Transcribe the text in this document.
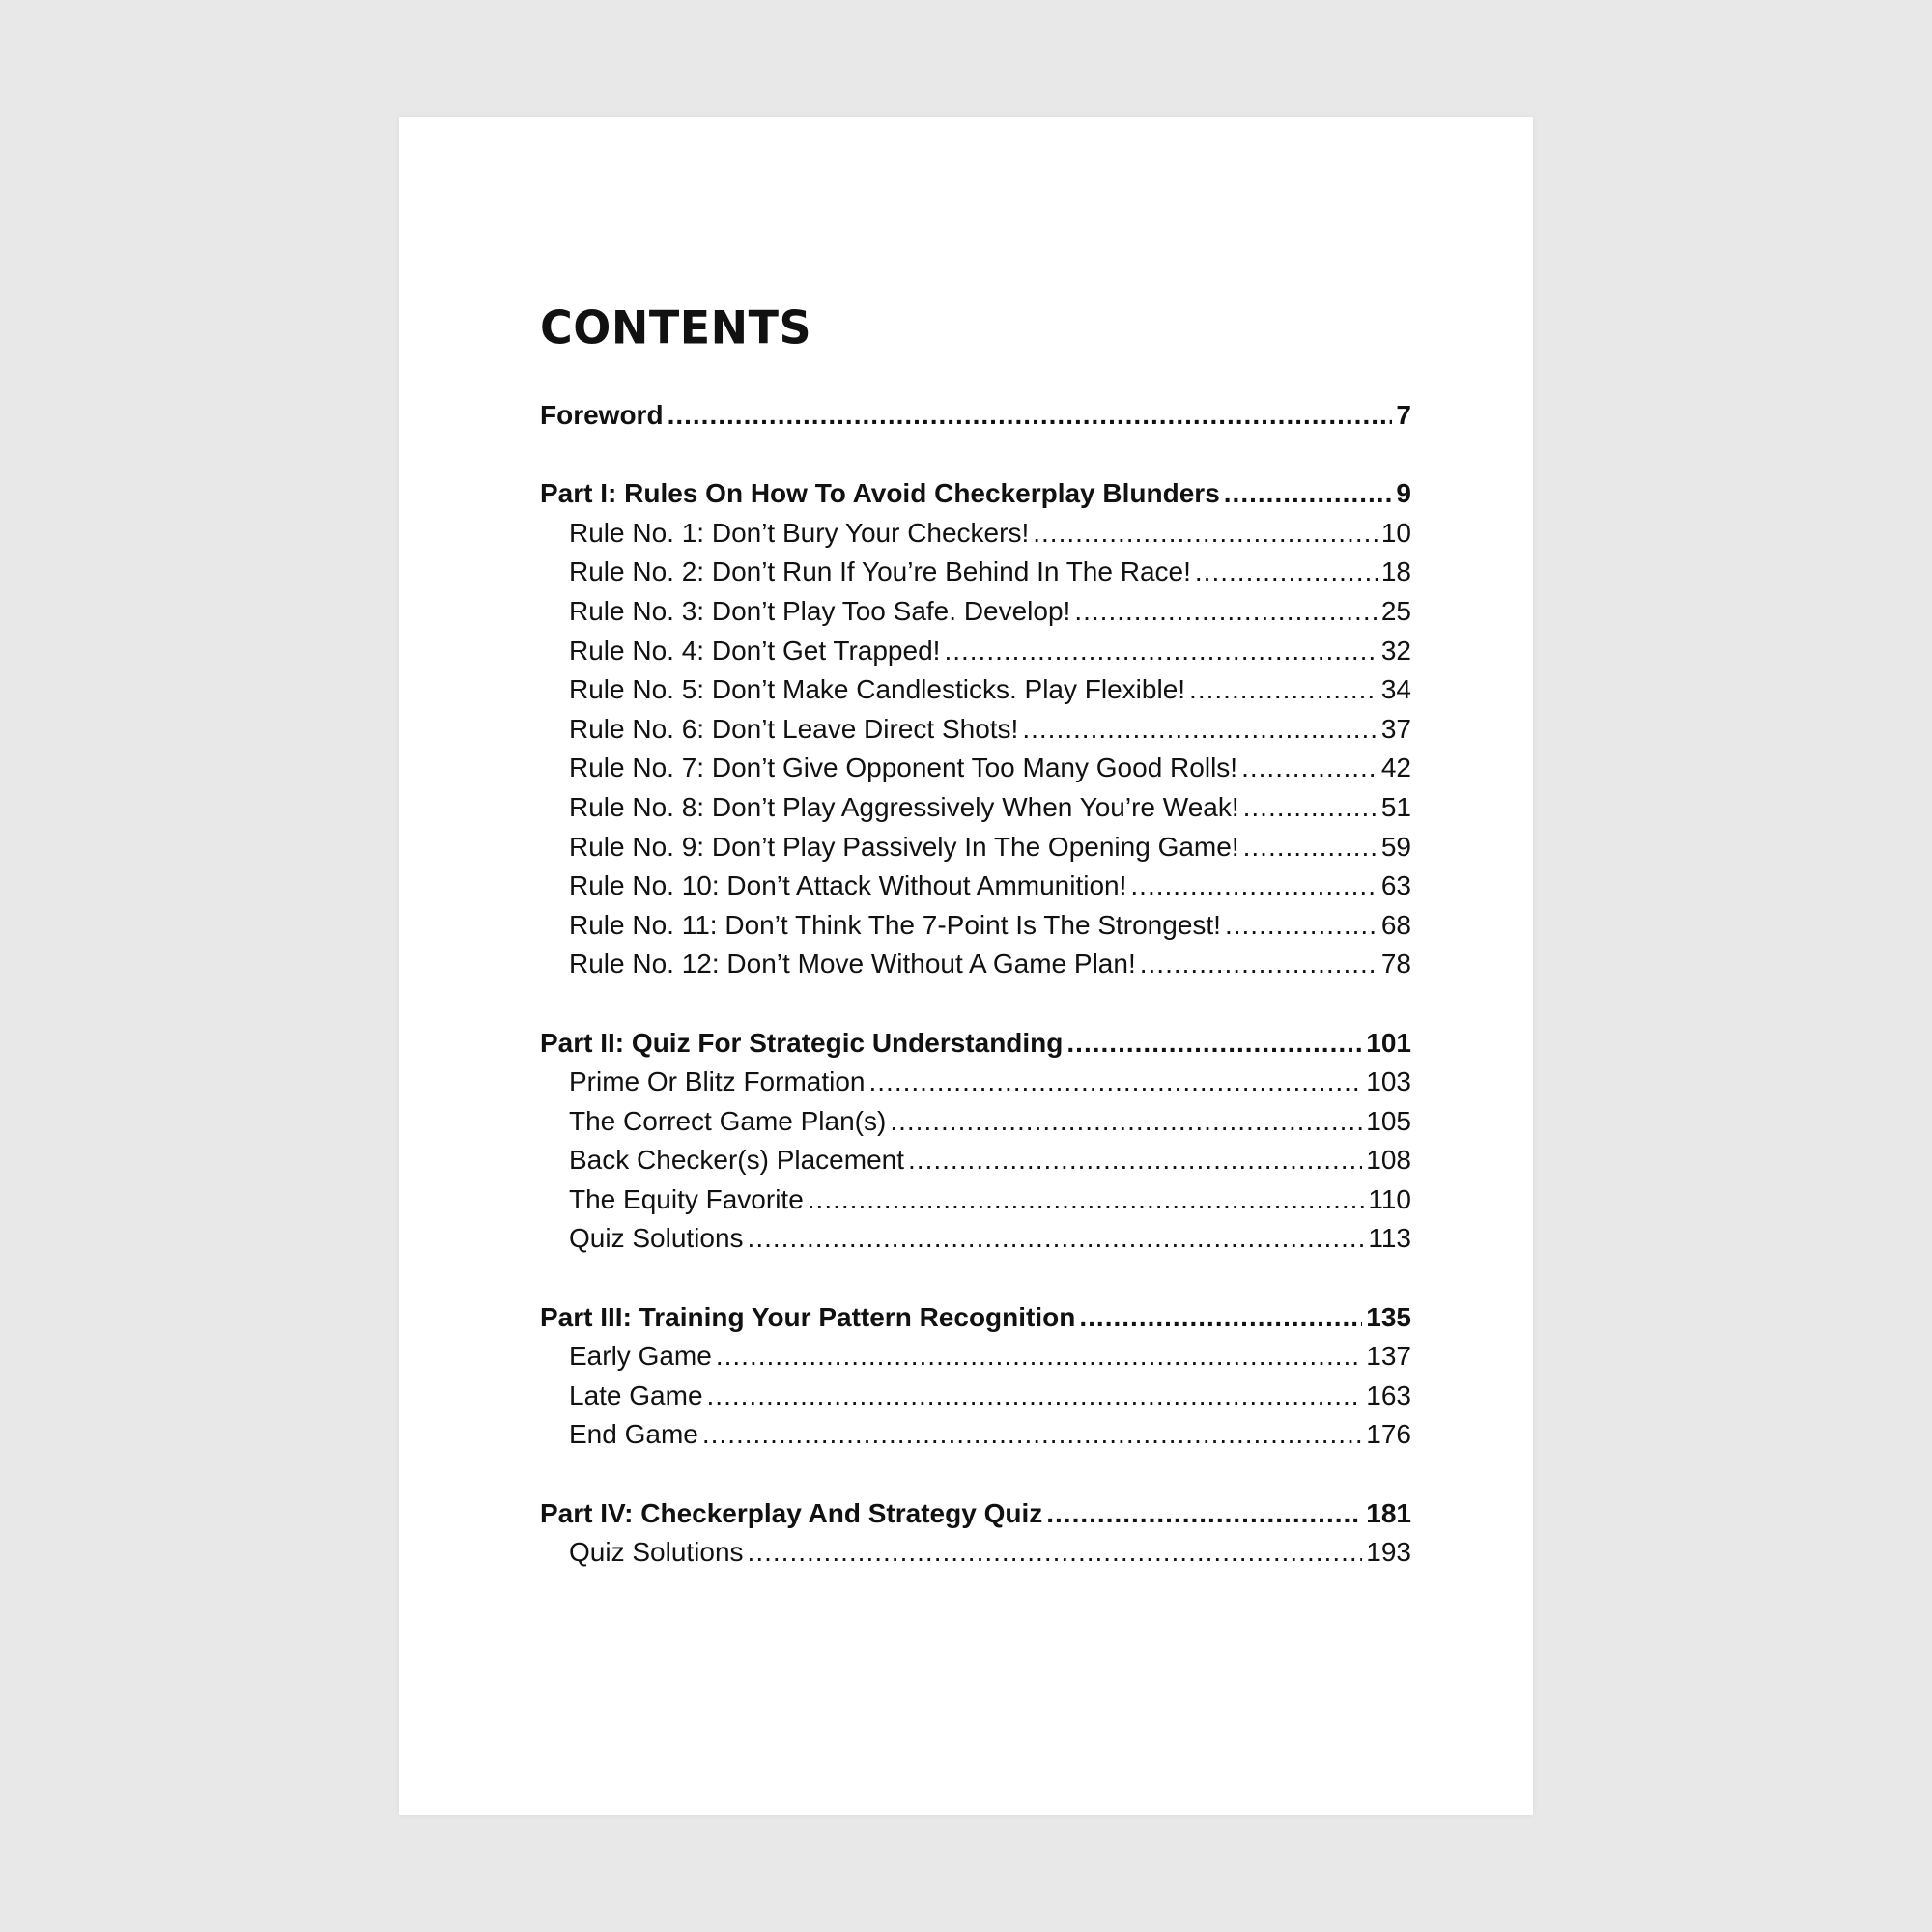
CONTENTS
Foreword .....	7
Part I: Rules On How To Avoid Checkerplay Blunders .....	9
Rule No. 1: Don’t Bury Your Checkers! .....	10
Rule No. 2: Don’t Run If You’re Behind In The Race! .....	18
Rule No. 3: Don’t Play Too Safe. Develop! .....	25
Rule No. 4: Don’t Get Trapped! .....	32
Rule No. 5: Don’t Make Candlesticks. Play Flexible! .....	34
Rule No. 6: Don’t Leave Direct Shots! .....	37
Rule No. 7: Don’t Give Opponent Too Many Good Rolls! .....	42
Rule No. 8: Don’t Play Aggressively When You’re Weak! .....	51
Rule No. 9: Don’t Play Passively In The Opening Game! .....	59
Rule No. 10: Don’t Attack Without Ammunition! .....	63
Rule No. 11: Don’t Think The 7-Point Is The Strongest! .....	68
Rule No. 12: Don’t Move Without A Game Plan! .....	78
Part II: Quiz For Strategic Understanding .....	101
Prime Or Blitz Formation .....	103
The Correct Game Plan(s) .....	105
Back Checker(s) Placement .....	108
The Equity Favorite .....	110
Quiz Solutions .....	113
Part III: Training Your Pattern Recognition .....	135
Early Game .....	137
Late Game .....	163
End Game .....	176
Part IV: Checkerplay And Strategy Quiz .....	181
Quiz Solutions .....	193
